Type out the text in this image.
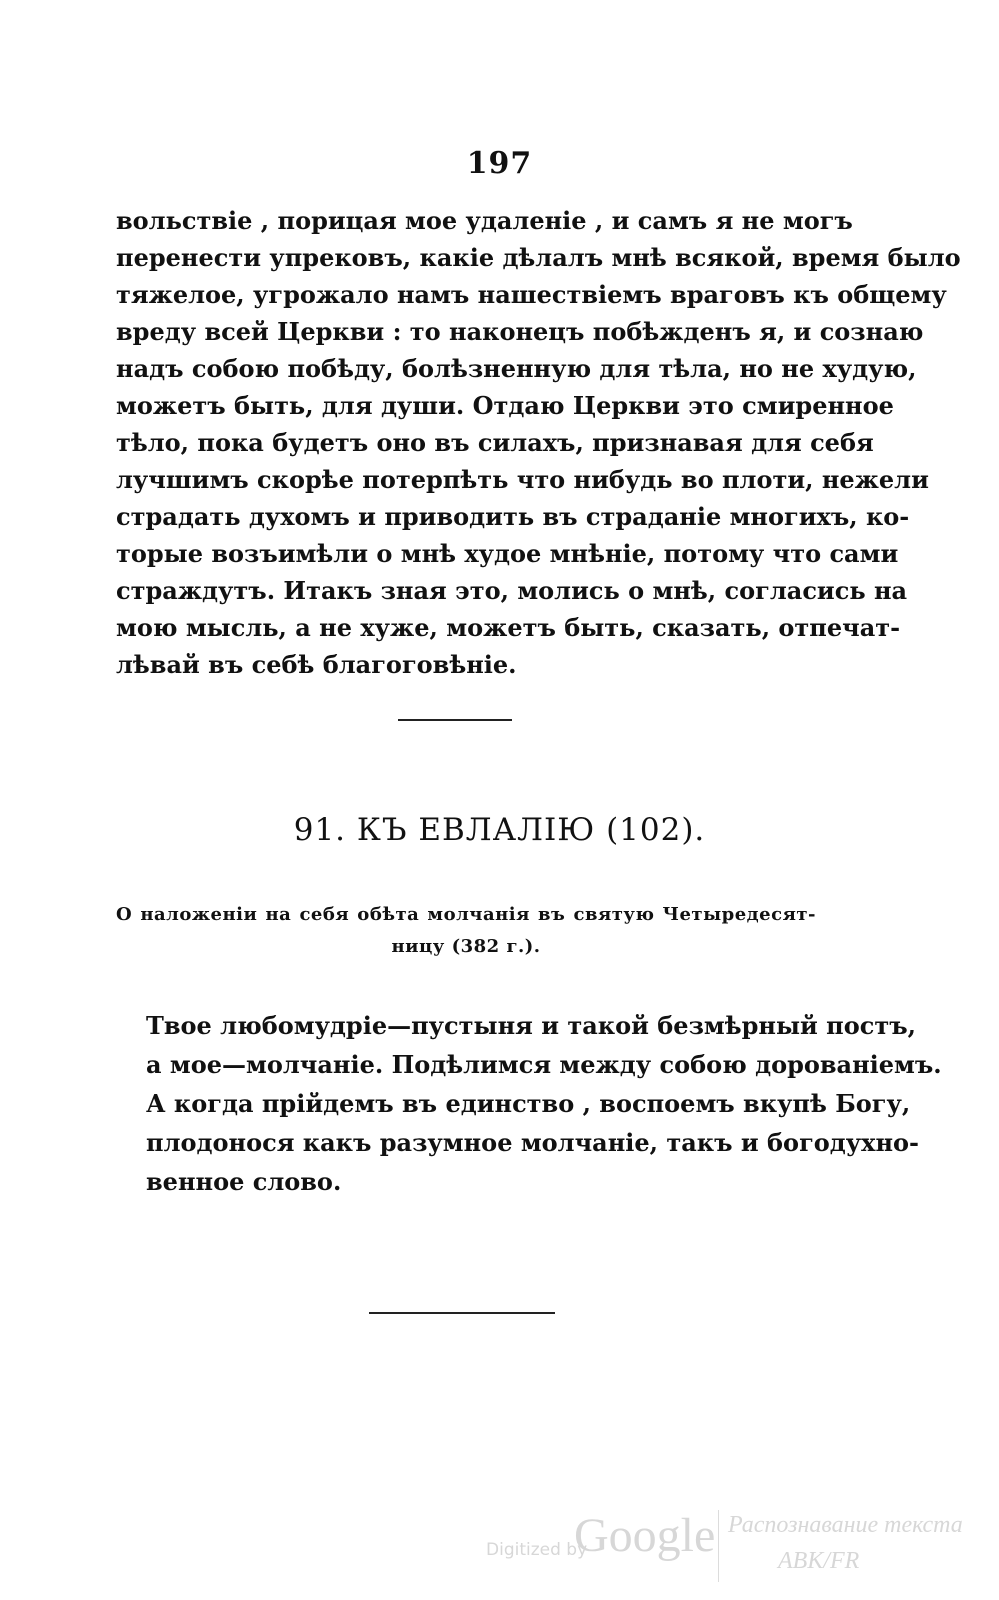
197
вольствіе , порицая мое удаленіе , и самъ я не могъ
перенести упрековъ, какіе дѣлалъ мнѣ всякой, время было
тяжелое, угрожало намъ нашествіемъ враговъ къ общему
вреду всей Церкви : то наконецъ побѣжденъ я, и сознаю
надъ собою побѣду, болѣзненную для тѣла, но не худую,
можетъ быть, для души. Отдаю Церкви это смиренное
тѣло, пока будетъ оно въ силахъ, признавая для себя
лучшимъ скорѣе потерпѣть что нибудь во плоти, нежели
страдать духомъ и приводить въ страданіе многихъ, ко-
торые возъимѣли о мнѣ худое мнѣніе, потому что сами
страждутъ. Итакъ зная это, молись о мнѣ, согласись на
мою мысль, а не хуже, можетъ быть, сказать, отпечат-
лѣвай въ себѣ благоговѣніе.
91. КЪ ЕВЛАЛІЮ (102).
О наложеніи на себя обѣта молчанія въ святую Четыредесят-
ницу (382 г.).
Твое любомудріе—пустыня и такой безмѣрный постъ,
а мое—молчаніе. Подѣлимся между собою дорованіемъ.
А когда прійдемъ въ единство , воспоемъ вкупѣ Богу,
плодонося какъ разумное молчаніе, такъ и богодухно-
венное слово.
Digitized by
Google Распознавание текста
ABK/FR
